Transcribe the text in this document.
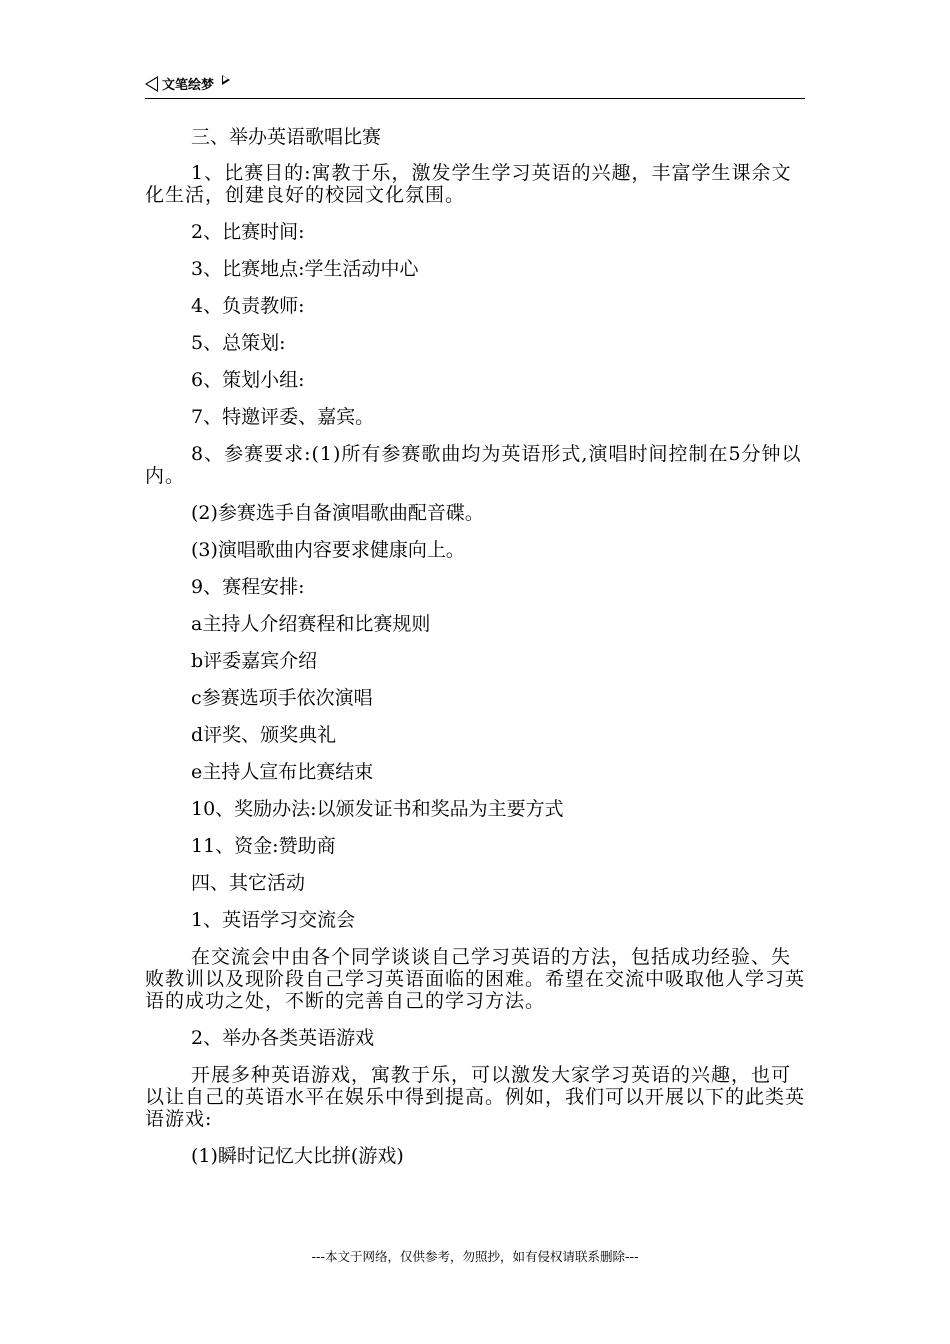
文笔绘梦

三、举办英语歌唱比赛

1、比赛目的:寓教于乐，激发学生学习英语的兴趣，丰富学生课余文化生活，创建良好的校园文化氛围。

2、比赛时间:

3、比赛地点:学生活动中心

4、负责教师:

5、总策划:

6、策划小组:

7、特邀评委、嘉宾。

8、参赛要求:(1)所有参赛歌曲均为英语形式,演唱时间控制在5分钟以内。

(2)参赛选手自备演唱歌曲配音碟。

(3)演唱歌曲内容要求健康向上。

9、赛程安排:

a主持人介绍赛程和比赛规则

b评委嘉宾介绍

c参赛选项手依次演唱

d评奖、颁奖典礼

e主持人宣布比赛结束

10、奖励办法:以颁发证书和奖品为主要方式

11、资金:赞助商

四、其它活动

1、英语学习交流会

在交流会中由各个同学谈谈自己学习英语的方法，包括成功经验、失败教训以及现阶段自己学习英语面临的困难。希望在交流中吸取他人学习英语的成功之处，不断的完善自己的学习方法。

2、举办各类英语游戏

开展多种英语游戏，寓教于乐，可以激发大家学习英语的兴趣，也可以让自己的英语水平在娱乐中得到提高。例如，我们可以开展以下的此类英语游戏:

(1)瞬时记忆大比拼(游戏)

---本文于网络，仅供参考，勿照抄，如有侵权请联系删除---
